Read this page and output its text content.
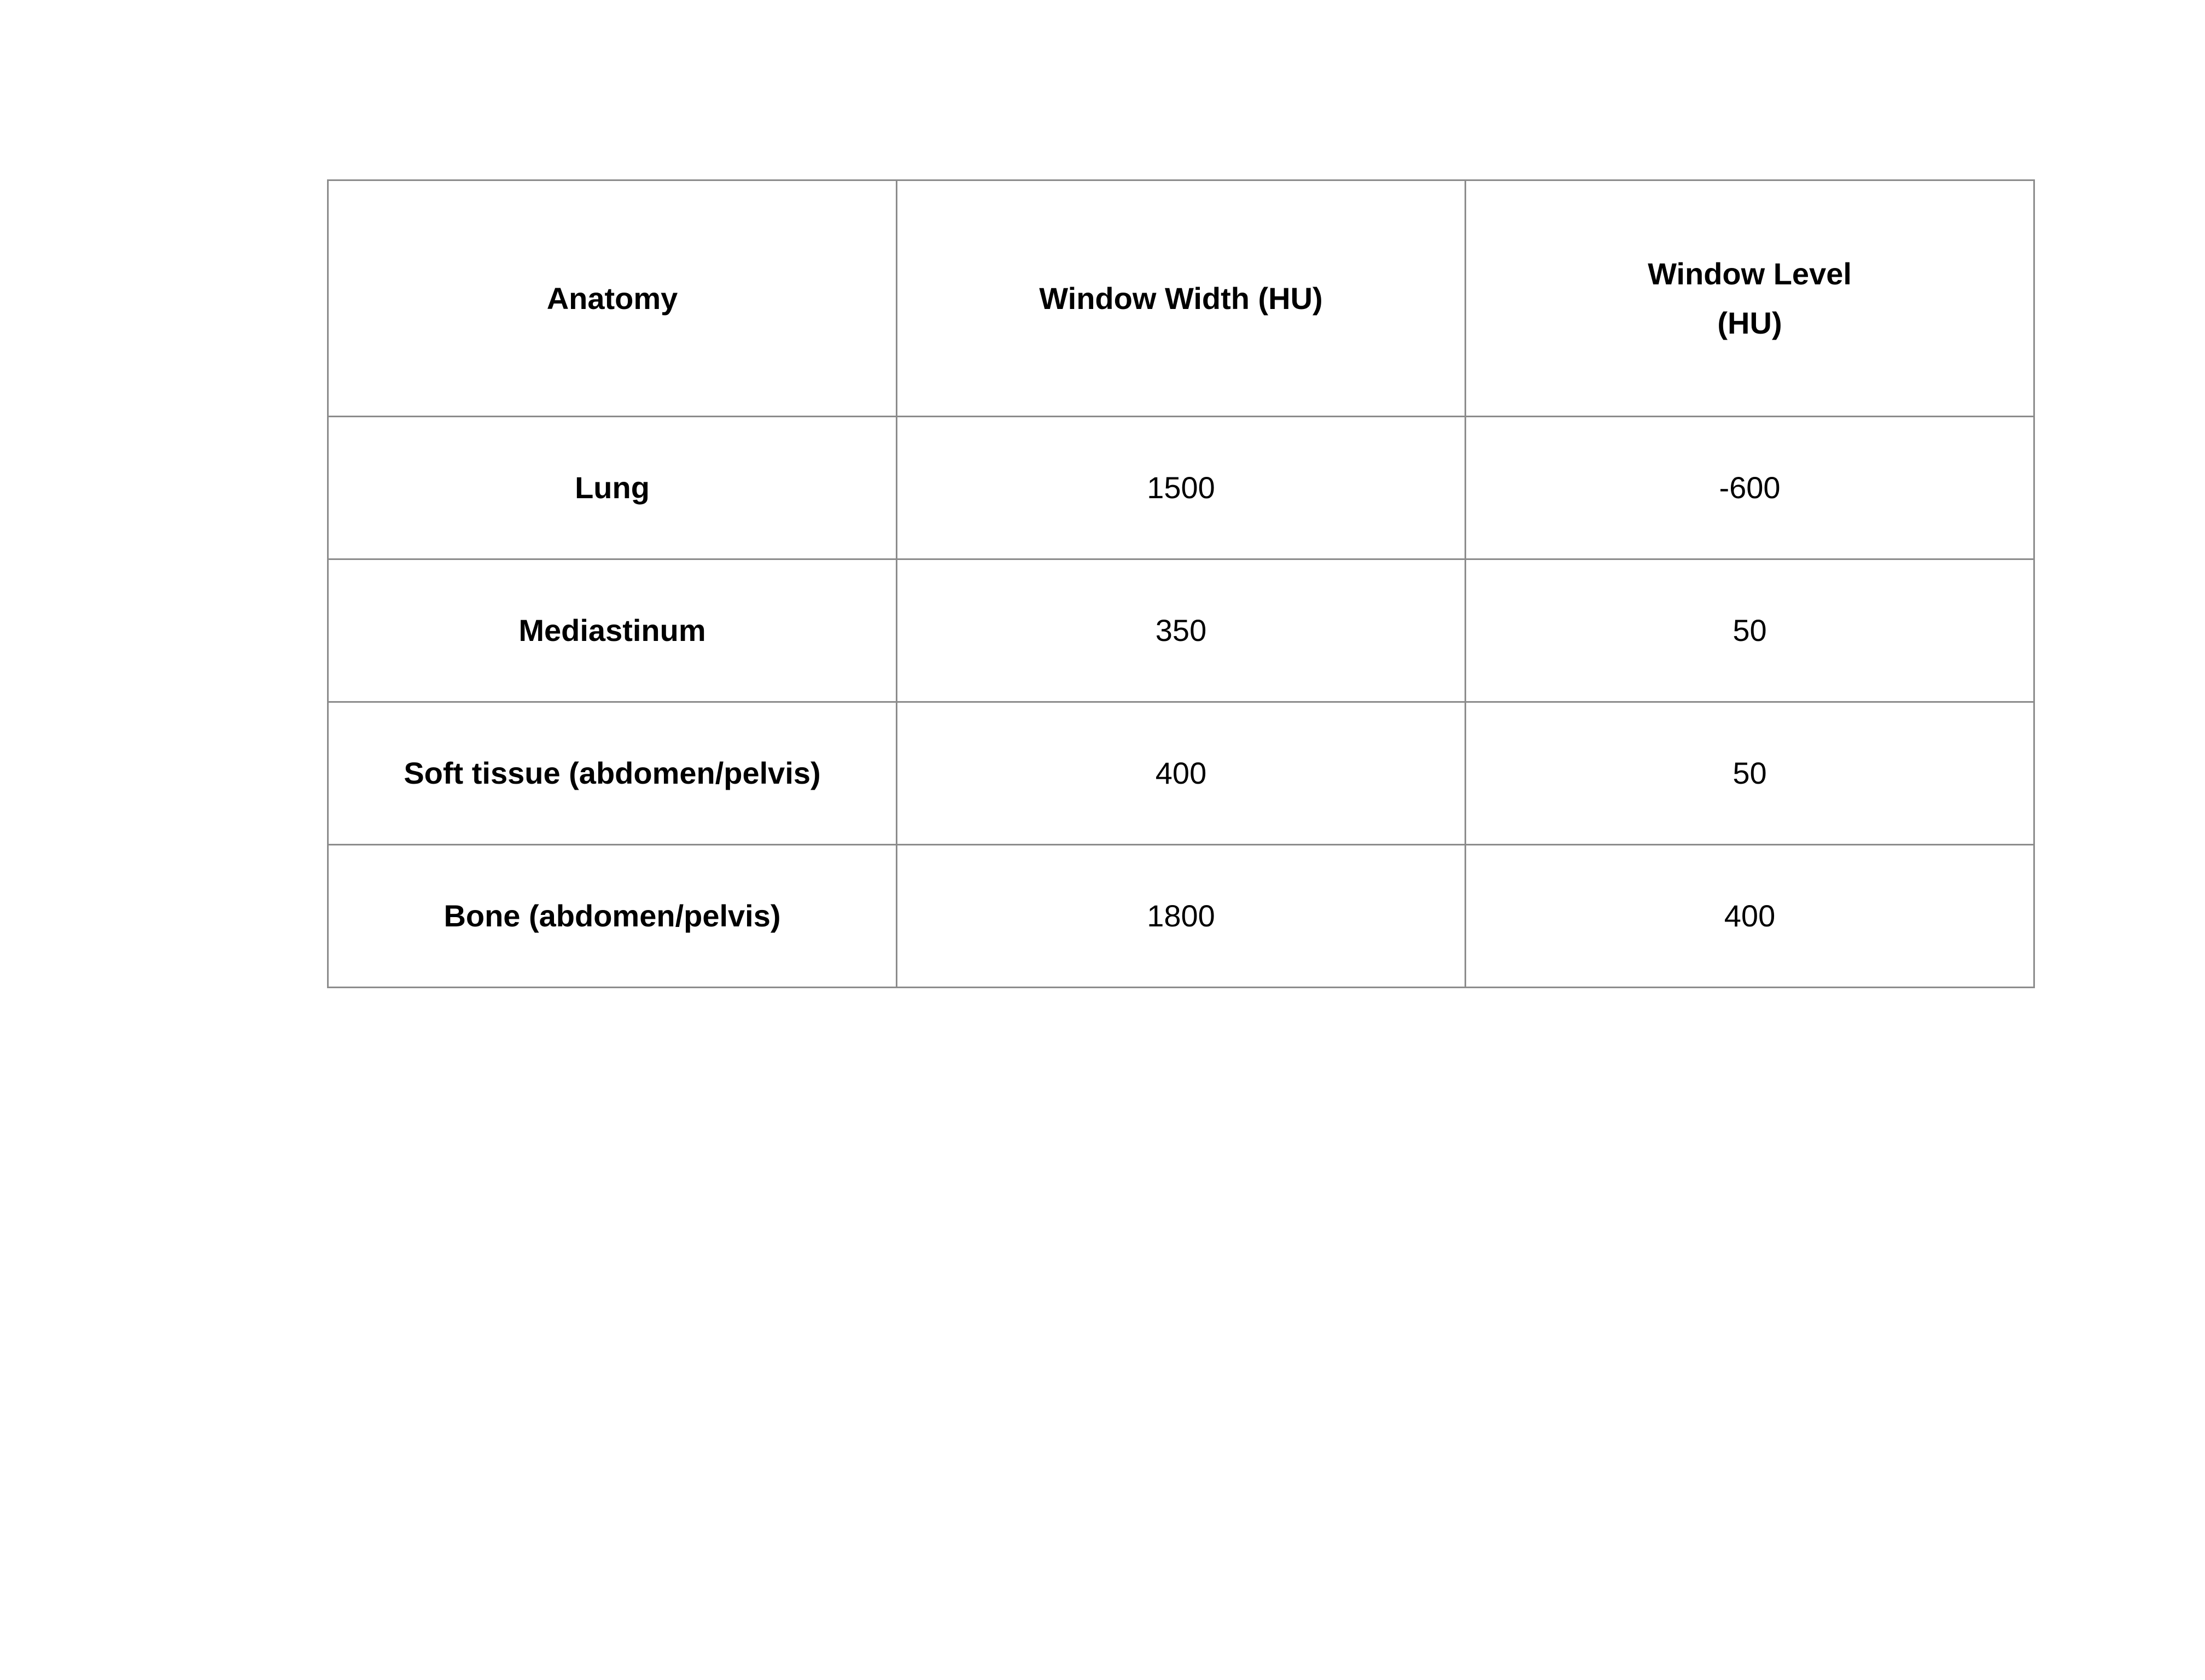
Anatomy	Window Width (HU)	Window Level
(HU)
Lung	1500	-600
Mediastinum	350	50
Soft tissue (abdomen/pelvis)	400	50
Bone (abdomen/pelvis)	1800	400
